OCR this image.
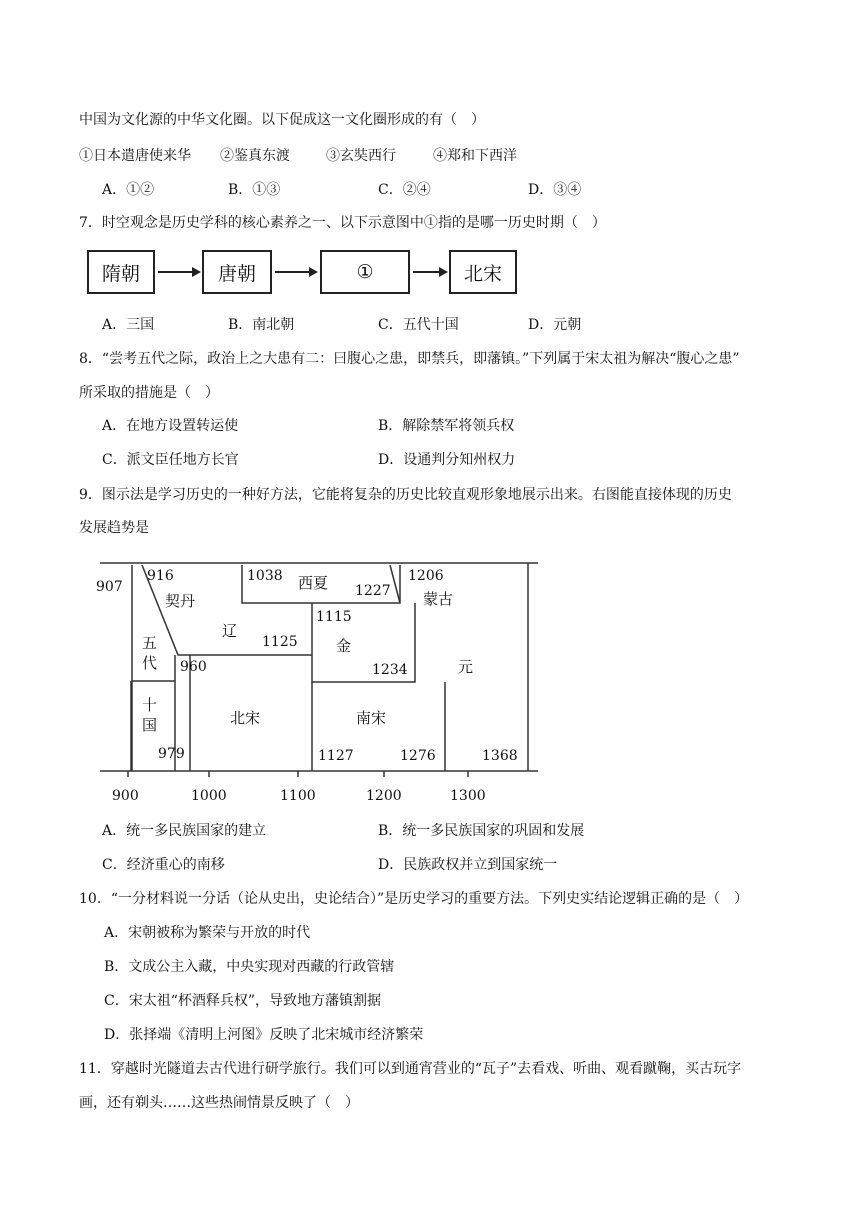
中国为文化源的中华文化圈。以下促成这一文化圈形成的有（　）
①日本遣唐使来华 ②鉴真东渡	③玄奘西行	④郑和下西洋
A．①②	B．①③	C．②④	D．③④
7．时空观念是历史学科的核心素养之一、以下示意图中①指的是哪一历史时期（　）
隋朝	唐朝	①	北宋
A．三国	B．南北朝	C．五代十国	D．元朝
8．“尝考五代之际，政治上之大患有二：曰腹心之患，即禁兵，即藩镇。”下列属于宋太祖为解决“腹心之患”
所采取的措施是（　）
A．在地方设置转运使	B．解除禁军将领兵权
C．派文臣任地方长官	D．设通判分知州权力
9．图示法是学习历史的一种好方法，它能将复杂的历史比较直观形象地展示出来。右图能直接体现的历史
发展趋势是
契丹
辽
西夏
蒙古
金
五代
十国	北宋	南宋
元
907
916	1038
1227
1206
1115
1125
960	1234
979	1127	1276	1368
900	1000	1100	1200	1300
A．统一多民族国家的建立	B．统一多民族国家的巩固和发展
C．经济重心的南移	D．民族政权并立到国家统一
10．“一分材料说一分话（论从史出，史论结合）”是历史学习的重要方法。下列史实结论逻辑正确的是（　）
A．宋朝被称为繁荣与开放的时代
B．文成公主入藏，中央实现对西藏的行政管辖
C．宋太祖“杯酒释兵权”，导致地方藩镇割据
D．张择端《清明上河图》反映了北宋城市经济繁荣
11．穿越时光隧道去古代进行研学旅行。我们可以到通宵营业的“瓦子”去看戏、听曲、观看蹴鞠，买古玩字
画，还有剃头……这些热闹情景反映了（　）
